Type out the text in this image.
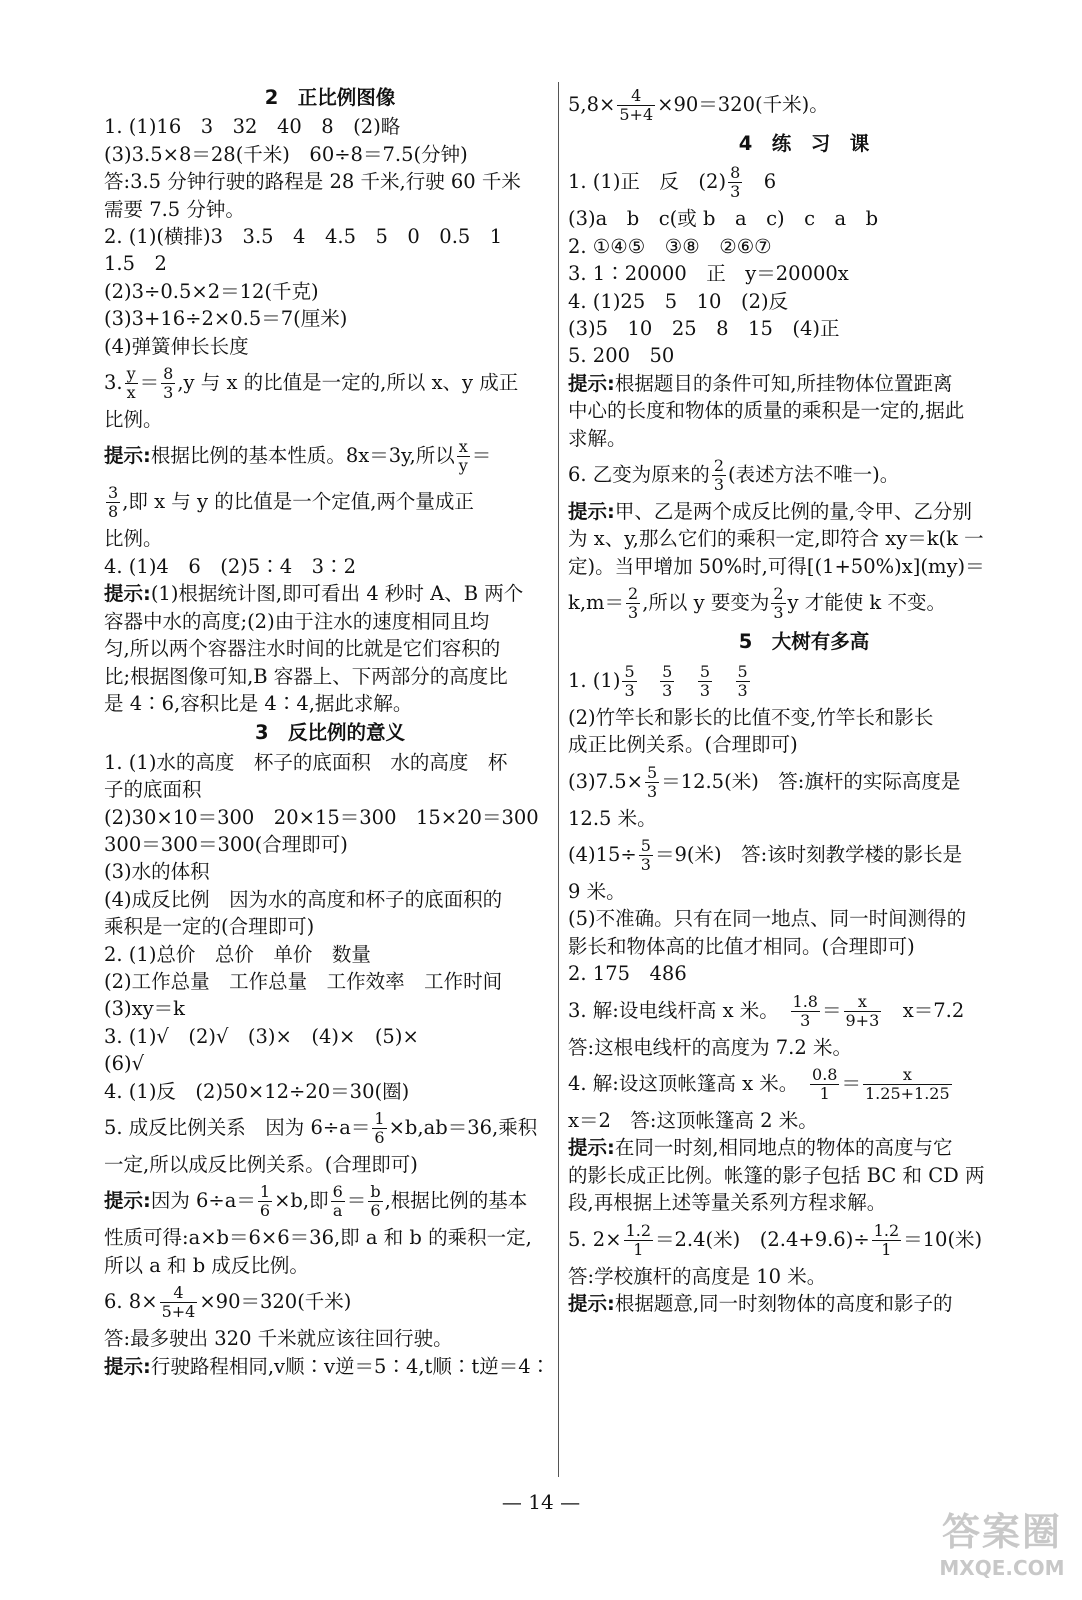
2　正比例图像

1. (1)16　3　32　40　8　(2)略

(3)3.5×8＝28(千米)　60÷8＝7.5(分钟)

答:3.5 分钟行驶的路程是 28 千米,行驶 60 千米

需要 7.5 分钟。

2. (1)(横排)3　3.5　4　4.5　5　0　0.5　1

1.5　2

(2)3÷0.5×2＝12(千克)

(3)3+16÷2×0.5＝7(厘米)

(4)弹簧伸长长度

3. $\frac{y}{x} = \frac{8}{3} ,y$ 与 x 的比值是一定的,所以 x、y 成正

比例。

提示:根据比例的基本性质。8x＝3y,所以 $\frac{x}{y}$ ＝

$\frac{3}{8}$ ,即 x 与 y 的比值是一个定值,两个量成正

比例。

4. (1)4　6　(2)5∶4　3∶2

提示:(1)根据统计图,即可看出 4 秒时 A、B 两个

容器中水的高度;(2)由于注水的速度相同且均

匀,所以两个容器注水时间的比就是它们容积的

比;根据图像可知,B 容器上、下两部分的高度比

是 4∶6,容积比是 4∶4,据此求解。

3　反比例的意义

1. (1)水的高度　杯子的底面积　水的高度　杯

子的底面积

(2)30×10＝300　20×15＝300　15×20＝300

300＝300＝300(合理即可)

(3)水的体积

(4)成反比例　因为水的高度和杯子的底面积的

乘积是一定的(合理即可)

2. (1)总价　总价　单价　数量

(2)工作总量　工作总量　工作效率　工作时间

(3)xy＝k

3. (1)√　(2)√　(3)×　(4)×　(5)×

(6)√

4. (1)反　(2)50×12÷20＝30(圈)

5. 成反比例关系　因为 $6\div a= \frac{1}{6} \times b,ab=36$,乘积

一定,所以成反比例关系。(合理即可)

提示:因为 $6\div a= \frac{1}{6} \times b$,即 $\frac{6}{a} = \frac{b}{6}$ ,根据比例的基本

性质可得:a×b＝6×6＝36,即 a 和 b 的乘积一定,

所以 a 和 b 成反比例。

6. $8\times \frac{4}{5+4} \times 90=320$(千米)

答:最多驶出 320 千米就应该往回行驶。

提示:行驶路程相同,v顺∶v逆＝5∶4,t顺∶t逆＝4∶

$5,8\times \frac{4}{5+4} \times 90=320$(千米)。

4　练　习　课

1. (1)正　反　$(2) \frac{8}{3}$ 　6

(3)a　b　c(或 b　a　c)　c　a　b

2. ①④⑤　③⑧　②⑥⑦

3. 1∶20000　正　y＝20000x

4. (1)25　5　10　(2)反

(3)5　10　25　8　15　(4)正

5. 200　50

提示:根据题目的条件可知,所挂物体位置距离

中心的长度和物体的质量的乘积是一定的,据此

求解。

6. 乙变为原来的 $\frac{2}{3}$ (表述方法不唯一)。

提示:甲、乙是两个成反比例的量,令甲、乙分别

为 x、y,那么它们的乘积一定,即符合 xy＝k(k 一

定)。当甲增加 50%时,可得[(1+50%)x](my)＝

$k,m= \frac{2}{3}$ ,所以 y 要变为 $\frac{2}{3}$ y 才能使 k 不变。

5　大树有多高

1. $(1) \frac{5}{3}$
　 $\frac{5}{3}$
　 $\frac{5}{3}$
　 $\frac{5}{3}$

(2)竹竿长和影长的比值不变,竹竿长和影长

成正比例关系。(合理即可)

$(3)7.5\times \frac{5}{3} =12.5$(米)　答:旗杆的实际高度是

12.5 米。

$(4)15\div \frac{5}{3} =9$(米)　答:该时刻教学楼的影长是

9 米。

(5)不准确。只有在同一地点、同一时间测得的

影长和物体高的比值才相同。(合理即可)

2. 175　486

3. 解:设电线杆高 x 米。　 $\frac{1.8}{3} = \frac{x}{9+3}$ 　x＝7.2

答:这根电线杆的高度为 7.2 米。

4. 解:设这顶帐篷高 x 米。　 $\frac{0.8}{1} = \frac{x}{1.25+1.25}$

x＝2　答:这顶帐篷高 2 米。

提示:在同一时刻,相同地点的物体的高度与它

的影长成正比例。帐篷的影子包括 BC 和 CD 两

段,再根据上述等量关系列方程求解。

5. $2\times \frac{1.2}{1} =2.4$(米)　$(2.4+9.6)\div \frac{1.2}{1} =10$(米)

答:学校旗杆的高度是 10 米。

提示:根据题意,同一时刻物体的高度和影子的

— 14 —
答案圈
MXQE.COM
